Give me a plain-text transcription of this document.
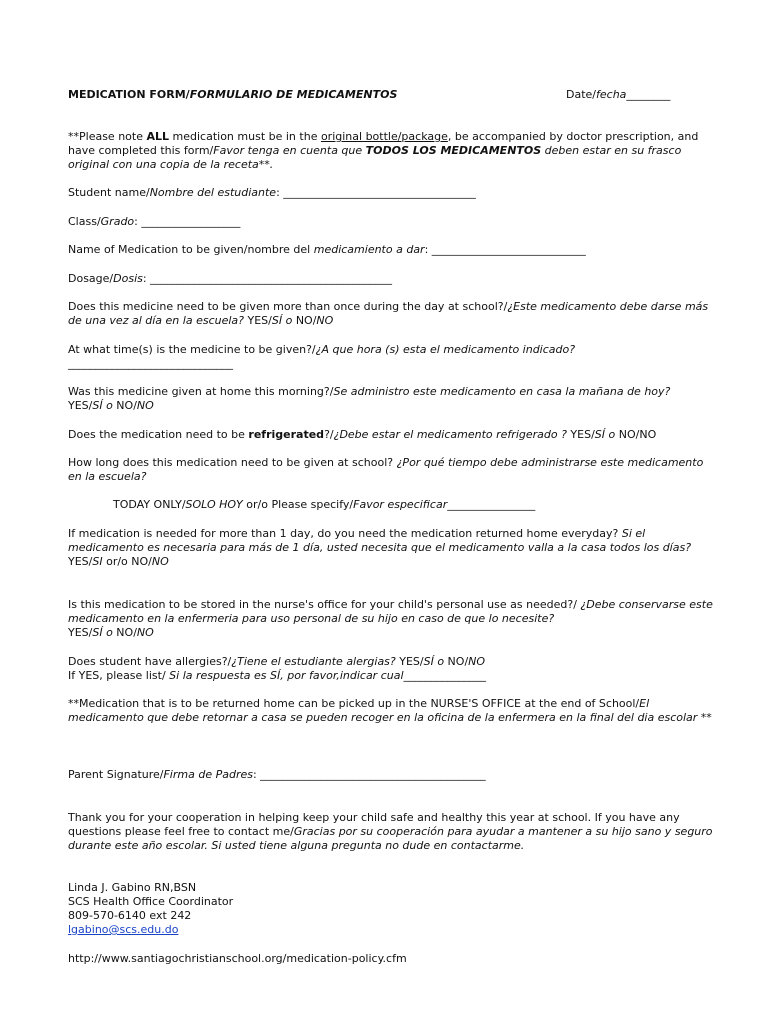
MEDICATION FORM/FORMULARIO DE MEDICAMENTOS	Date/fecha________
**Please note ALL medication must be in the original bottle/package, be accompanied by doctor prescription, and have completed this form/Favor tenga en cuenta que TODOS LOS MEDICAMENTOS deben estar en su frasco original con una copia de la receta**.
Student name/Nombre del estudiante: ___________________________________
Class/Grado: __________________
Name of Medication to be given/nombre del medicamiento a dar: ____________________________
Dosage/Dosis: ____________________________________________
Does this medicine need to be given more than once during the day at school?/¿Este medicamento debe darse más de una vez al día en la escuela? YES/SÍ o NO/NO
At what time(s) is the medicine to be given?/¿A que hora (s) esta el medicamento indicado?
______________________________
Was this medicine given at home this morning?/Se administro este medicamento en casa la mañana de hoy?
YES/SÍ o NO/NO
Does the medication need to be refrigerated?/¿Debe estar el medicamento refrigerado ? YES/SÍ o NO/NO
How long does this medication need to be given at school? ¿Por qué tiempo debe administrarse este medicamento en la escuela?
TODAY ONLY/SOLO HOY or/o Please specify/Favor especificar________________
If medication is needed for more than 1 day, do you need the medication returned home everyday? Si el medicamento es necesaria para más de 1 día, usted necesita que el medicamento valla a la casa todos los días?
YES/SI or/o NO/NO
Is this medication to be stored in the nurse's office for your child's personal use as needed?/ ¿Debe conservarse este medicamento en la enfermeria para uso personal de su hijo en caso de que lo necesite?
YES/SÍ o NO/NO
Does student have allergies?/¿Tiene el estudiante alergias? YES/SÍ o NO/NO
If YES, please list/ Si la respuesta es SÍ, por favor,indicar cual_______________
**Medication that is to be returned home can be picked up in the NURSE'S OFFICE at the end of School/El medicamento que debe retornar a casa se pueden recoger en la oficina de la enfermera en la final del dia escolar **
Parent Signature/Firma de Padres: _________________________________________
Thank you for your cooperation in helping keep your child safe and healthy this year at school. If you have any questions please feel free to contact me/Gracias por su cooperación para ayudar a mantener a su hijo sano y seguro durante este año escolar. Si usted tiene alguna pregunta no dude en contactarme.
Linda J. Gabino RN,BSN
SCS Health Office Coordinator
809-570-6140 ext 242
lgabino@scs.edu.do
http://www.santiagochristianschool.org/medication-policy.cfm
